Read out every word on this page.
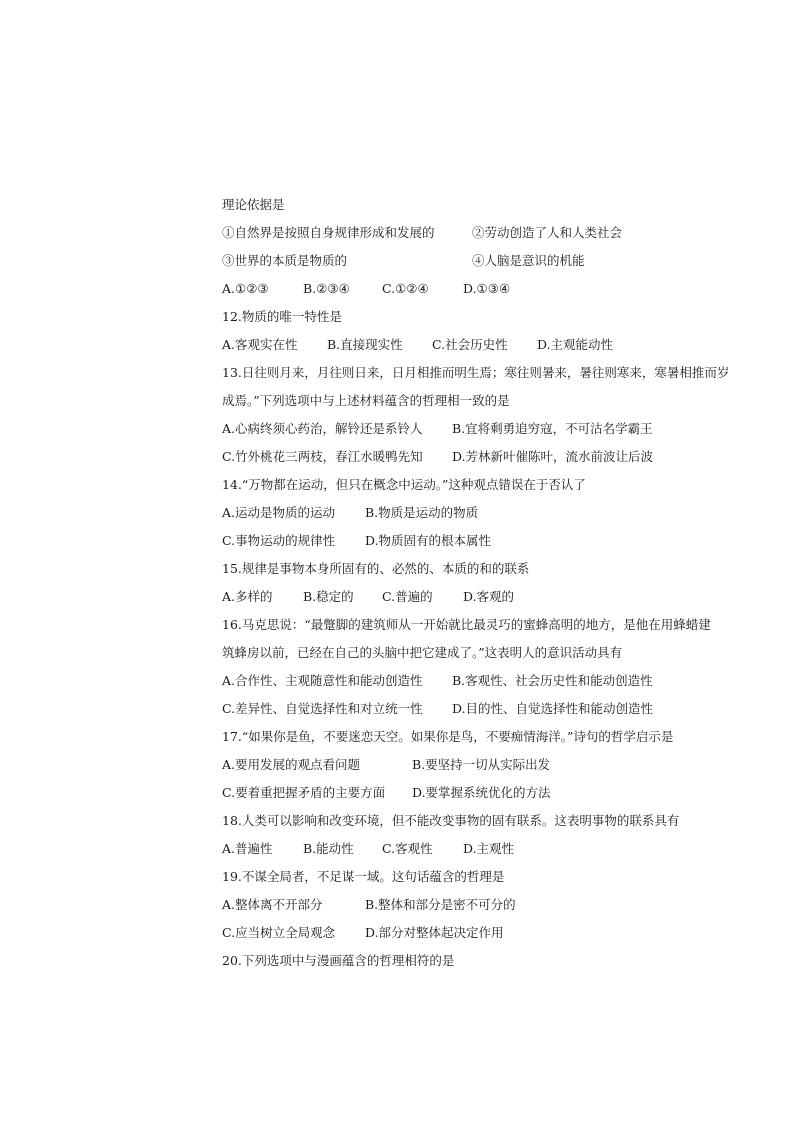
理论依据是
①自然界是按照自身规律形成和发展的	②劳动创造了人和人类社会
③世界的本质是物质的	④人脑是意识的机能
A.①②③	B.②③④	C.①②④	D.①③④
12.物质的唯一特性是
A.客观实在性 B.直接现实性 C.社会历史性 D.主观能动性
13.日往则月来，月往则日来，日月相推而明生焉；寒往则暑来，暑往则寒来，寒暑相推而岁
成焉。”下列选项中与上述材料蕴含的哲理相一致的是
A.心病终须心药治，解铃还是系铃人 B.宜将剩勇追穷寇，不可沽名学霸王
C.竹外桃花三两枝，春江水暖鸭先知 D.芳林新叶催陈叶，流水前波让后波
14.“万物都在运动，但只在概念中运动。”这种观点错误在于否认了
A.运动是物质的运动 B.物质是运动的物质
C.事物运动的规律性 D.物质固有的根本属性
15.规律是事物本身所固有的、必然的、本质的和的联系
A.多样的 B.稳定的 C.普遍的 D.客观的
16.马克思说：“最蹩脚的建筑师从一开始就比最灵巧的蜜蜂高明的地方，是他在用蜂蜡建
筑蜂房以前，已经在自己的头脑中把它建成了。”这表明人的意识活动具有
A.合作性、主观随意性和能动创造性 B.客观性、社会历史性和能动创造性
C.差异性、自觉选择性和对立统一性 D.目的性、自觉选择性和能动创造性
17.“如果你是鱼，不要迷恋天空。如果你是鸟，不要痴情海洋。”诗句的哲学启示是
A.要用发展的观点看问题	B.要坚持一切从实际出发
C.要着重把握矛盾的主要方面 D.要掌握系统优化的方法
18.人类可以影响和改变环境，但不能改变事物的固有联系。这表明事物的联系具有
A.普遍性 B.能动性 C.客观性 D.主观性
19.不谋全局者，不足谋一域。这句话蕴含的哲理是
A.整体离不开部分	B.整体和部分是密不可分的
C.应当树立全局观念 D.部分对整体起决定作用
20.下列选项中与漫画蕴含的哲理相符的是
